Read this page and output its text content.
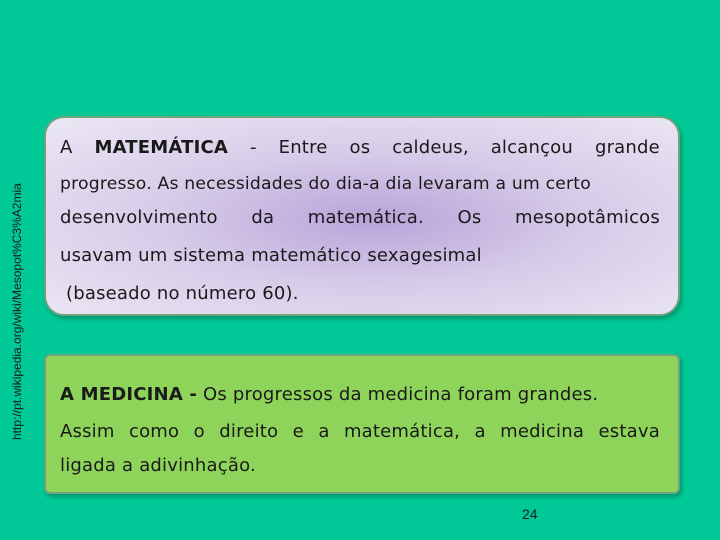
http://pt.wikipedia.org/wiki/Mesopot%C3%A2mia
A MATEMÁTICA - Entre os caldeus, alcançou grande
progresso. As necessidades do dia-a dia levaram a um certo
desenvolvimento da matemática. Os mesopotâmicos
usavam um sistema matemático sexagesimal
(baseado no número 60).
A MEDICINA - Os progressos da medicina foram grandes.
Assim como o direito e a matemática, a medicina estava
ligada a adivinhação.
24
